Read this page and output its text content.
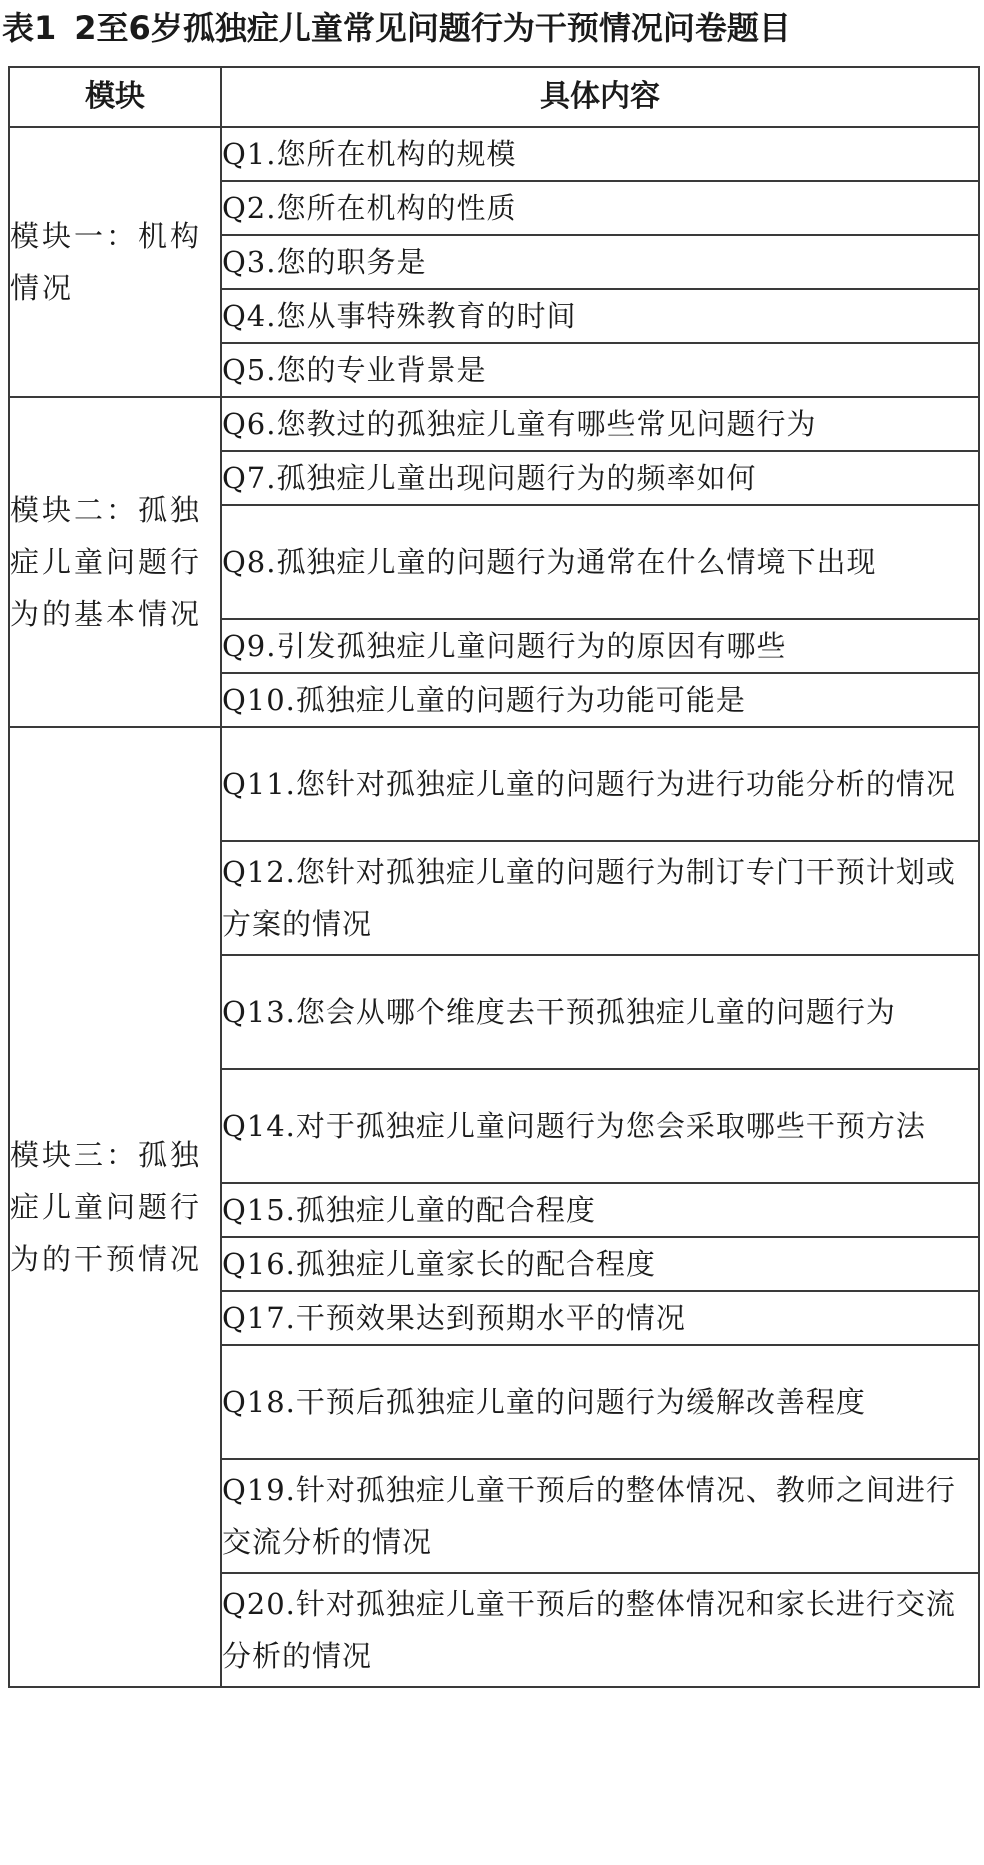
表1 2至6岁孤独症儿童常见问题行为干预情况问卷题目
模块	具体内容
模块一：机构情况	Q1.您所在机构的规模
	Q2.您所在机构的性质
	Q3.您的职务是
	Q4.您从事特殊教育的时间
	Q5.您的专业背景是
模块二：孤独症儿童问题行为的基本情况	Q6.您教过的孤独症儿童有哪些常见问题行为
	Q7.孤独症儿童出现问题行为的频率如何
	Q8.孤独症儿童的问题行为通常在什么情境下出现
	Q9.引发孤独症儿童问题行为的原因有哪些
	Q10.孤独症儿童的问题行为功能可能是
模块三：孤独症儿童问题行为的干预情况	Q11.您针对孤独症儿童的问题行为进行功能分析的情况
	Q12.您针对孤独症儿童的问题行为制订专门干预计划或方案的情况
	Q13.您会从哪个维度去干预孤独症儿童的问题行为
	Q14.对于孤独症儿童问题行为您会采取哪些干预方法
	Q15.孤独症儿童的配合程度
	Q16.孤独症儿童家长的配合程度
	Q17.干预效果达到预期水平的情况
	Q18.干预后孤独症儿童的问题行为缓解改善程度
	Q19.针对孤独症儿童干预后的整体情况、教师之间进行交流分析的情况
	Q20.针对孤独症儿童干预后的整体情况和家长进行交流分析的情况
